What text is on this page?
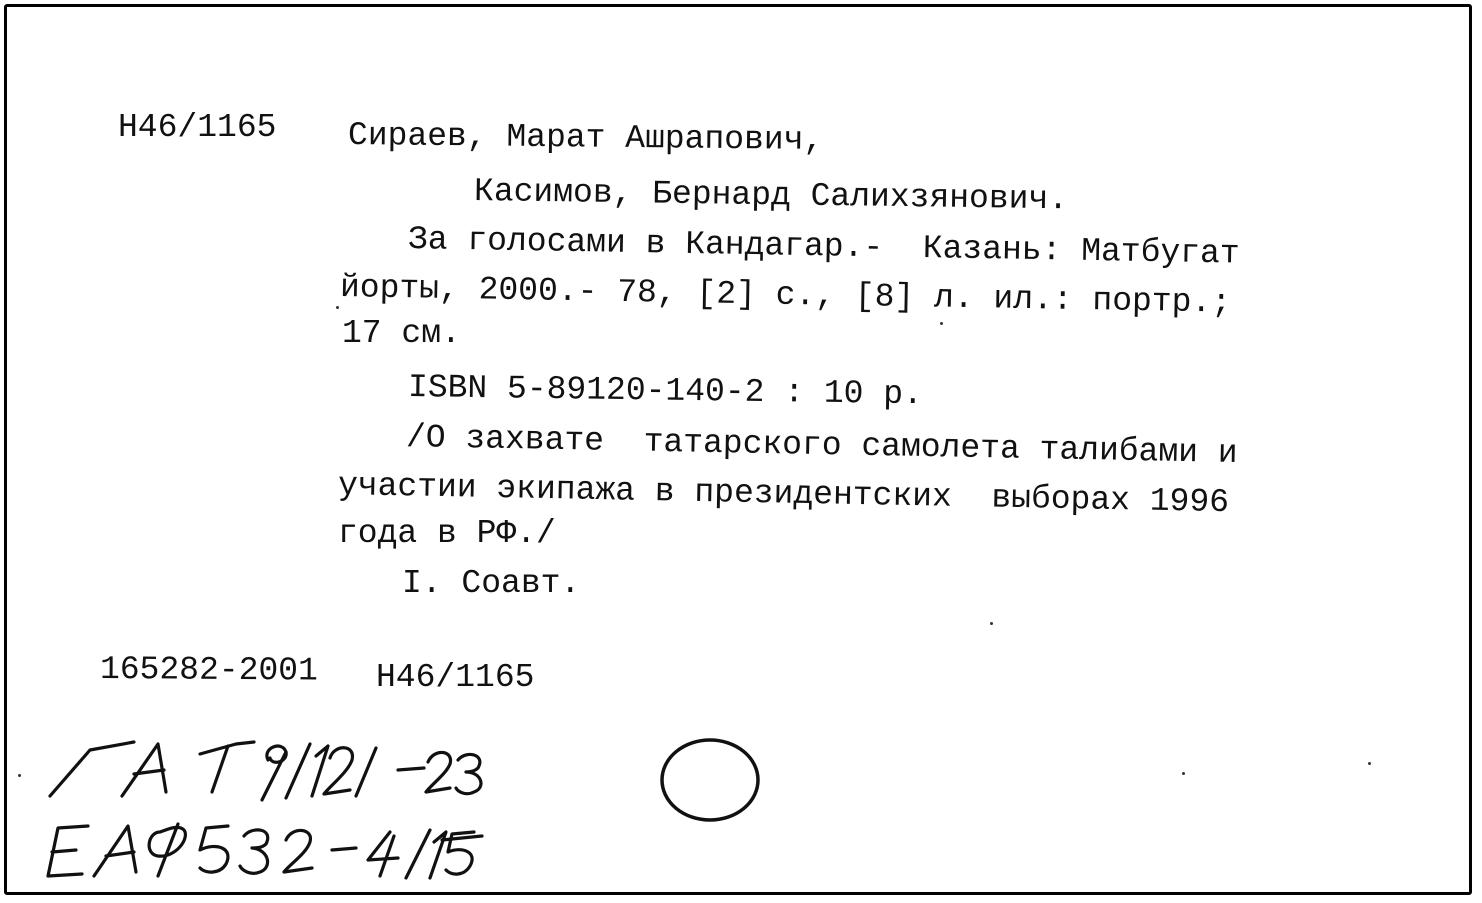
Н46/1165 Сираев, Марат Ашрапович,
Касимов, Бернард Салихзянович.
За голосами в Кандагар.-  Казань: Матбугат
йорты, 2000.- 78, [2] с., [8] л. ил.: портр.;
17 см.
ISBN 5-89120-140-2 : 10 р.
/О захвате  татарского самолета талибами и
участии экипажа в президентских  выборах 1996
года в РФ./
I. Соавт.
165282-2001 Н46/1165
